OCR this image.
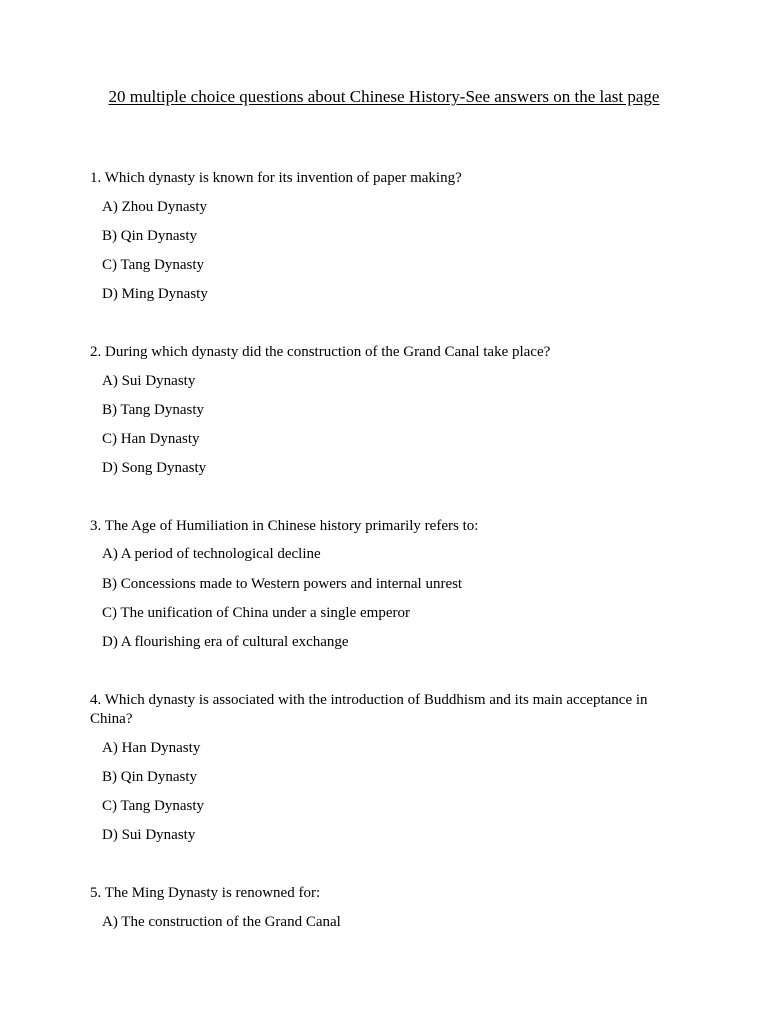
20 multiple choice questions about Chinese History-See answers on the last page
1. Which dynasty is known for its invention of paper making?
A) Zhou Dynasty
B) Qin Dynasty
C) Tang Dynasty
D) Ming Dynasty
2. During which dynasty did the construction of the Grand Canal take place?
A) Sui Dynasty
B) Tang Dynasty
C) Han Dynasty
D) Song Dynasty
3. The Age of Humiliation in Chinese history primarily refers to:
A) A period of technological decline
B) Concessions made to Western powers and internal unrest
C) The unification of China under a single emperor
D) A flourishing era of cultural exchange
4. Which dynasty is associated with the introduction of Buddhism and its main acceptance in China?
A) Han Dynasty
B) Qin Dynasty
C) Tang Dynasty
D) Sui Dynasty
5. The Ming Dynasty is renowned for:
A) The construction of the Grand Canal
